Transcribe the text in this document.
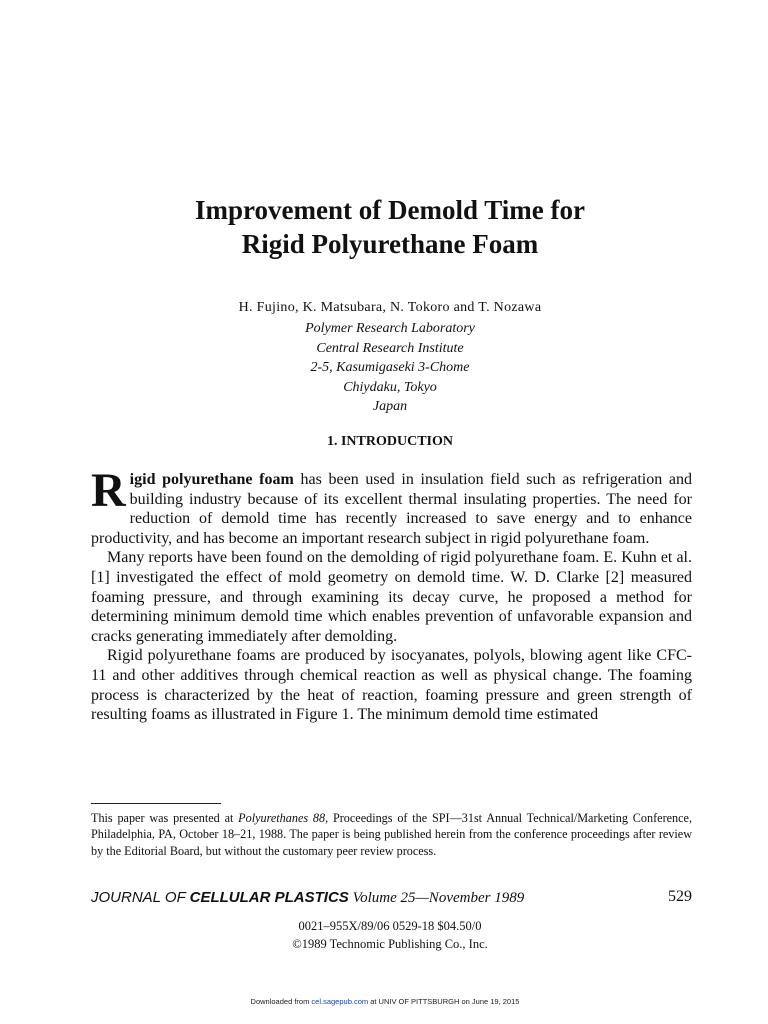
Improvement of Demold Time for
Rigid Polyurethane Foam
H. Fujino, K. Matsubara, N. Tokoro and T. Nozawa
Polymer Research Laboratory
Central Research Institute
2-5, Kasumigaseki 3-Chome
Chiydaku, Tokyo
Japan
1. INTRODUCTION

Rigid polyurethane foam has been used in insulation field such as refrigeration and building industry because of its excellent thermal insulating properties. The need for reduction of demold time has recently increased to save energy and to enhance productivity, and has become an important research subject in rigid polyurethane foam.

Many reports have been found on the demolding of rigid polyurethane foam. E. Kuhn et al. [1] investigated the effect of mold geometry on demold time. W. D. Clarke [2] measured foaming pressure, and through examining its decay curve, he proposed a method for determining minimum demold time which enables prevention of unfavorable expansion and cracks generating immediately after demolding.

Rigid polyurethane foams are produced by isocyanates, polyols, blowing agent like CFC-11 and other additives through chemical reaction as well as physical change. The foaming process is characterized by the heat of reaction, foaming pressure and green strength of resulting foams as illustrated in Figure 1. The minimum demold time estimated

This paper was presented at Polyurethanes 88, Proceedings of the SPI—31st Annual Technical/Marketing Conference, Philadelphia, PA, October 18–21, 1988. The paper is being published herein from the conference proceedings after review by the Editorial Board, but without the customary peer review process.
JOURNAL OF CELLULAR PLASTICS Volume 25—November 1989	529
0021–955X/89/06 0529-18 $04.50/0
©1989 Technomic Publishing Co., Inc.
Downloaded from cel.sagepub.com at UNIV OF PITTSBURGH on June 19, 2015
